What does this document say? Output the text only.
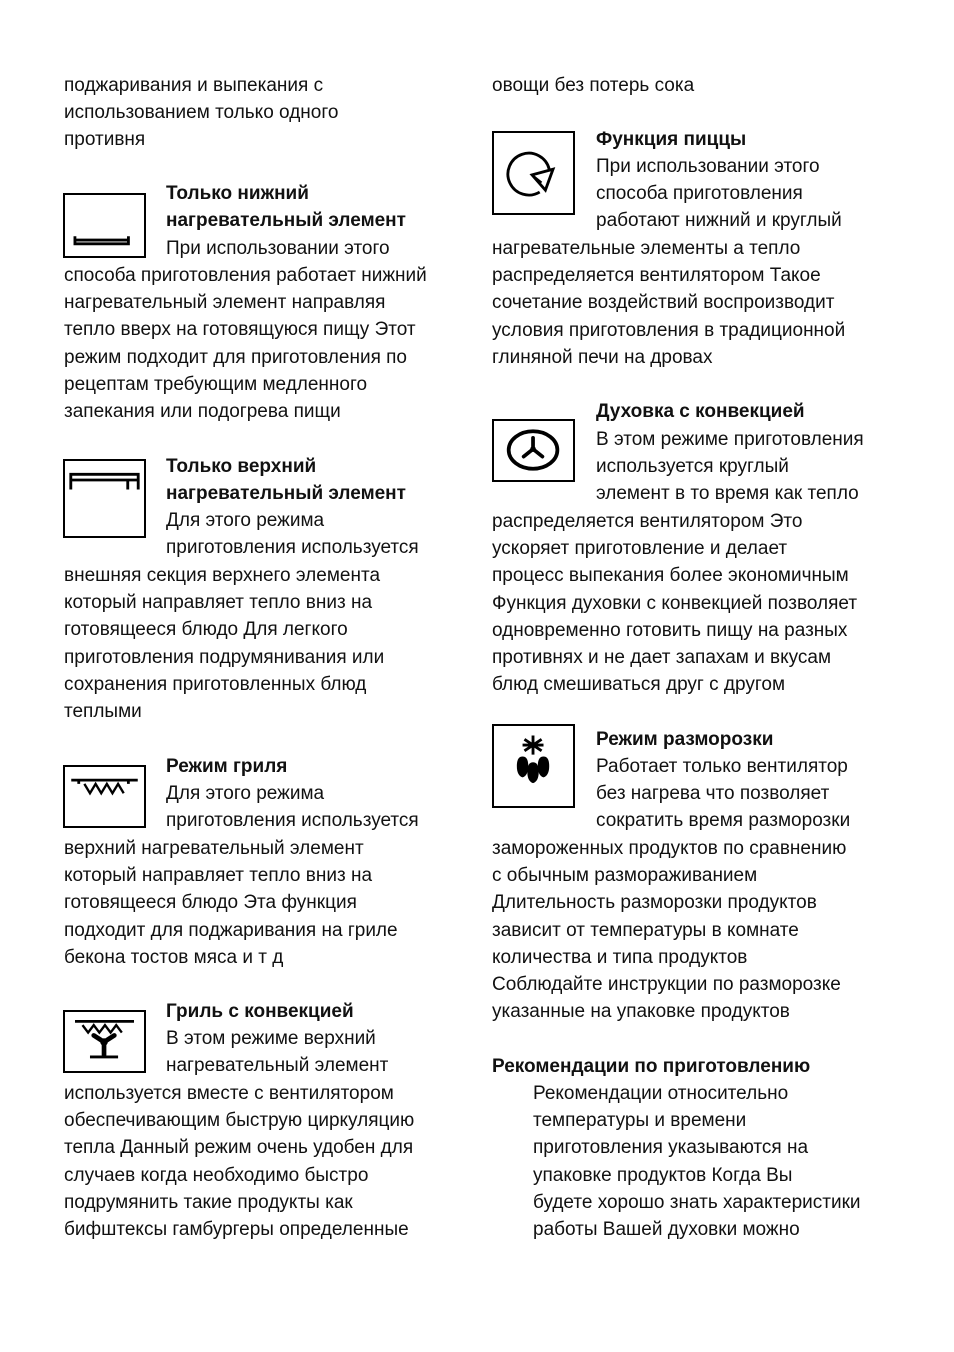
поджаривания и выпекания с
использованием только одного
противня
Только нижний
нагревательный элемент
При использовании этого
способа приготовления работает нижний
нагревательный элемент направляя
тепло вверх на готовящуюся пищу Этот
режим подходит для приготовления по
рецептам требующим медленного
запекания или подогрева пищи
Только верхний
нагревательный элемент
Для этого режима
приготовления используется
внешняя секция верхнего элемента
который направляет тепло вниз на
готовящееся блюдо Для легкого
приготовления подрумянивания или
сохранения приготовленных блюд
теплыми
Режим гриля
Для этого режима
приготовления используется
верхний нагревательный элемент
который направляет тепло вниз на
готовящееся блюдо Эта функция
подходит для поджаривания на гриле
бекона тостов мяса и т д
Гриль с конвекцией
В этом режиме верхний
нагревательный элемент
используется вместе с вентилятором
обеспечивающим быструю циркуляцию
тепла Данный режим очень удобен для
случаев когда необходимо быстро
подрумянить такие продукты как
бифштексы гамбургеры определенные
овощи без потерь сока
Функция пиццы
При использовании этого
способа приготовления
работают нижний и круглый
нагревательные элементы а тепло
распределяется вентилятором Такое
сочетание воздействий воспроизводит
условия приготовления в традиционной
глиняной печи на дровах
Духовка с конвекцией
В этом режиме приготовления
используется круглый
элемент в то время как тепло
распределяется вентилятором Это
ускоряет приготовление и делает
процесс выпекания более экономичным
Функция духовки с конвекцией позволяет
одновременно готовить пищу на разных
противнях и не дает запахам и вкусам
блюд смешиваться друг с другом
Режим разморозки
Работает только вентилятор
без нагрева что позволяет
сократить время разморозки
замороженных продуктов по сравнению
с обычным размораживанием
Длительность разморозки продуктов
зависит от температуры в комнате
количества и типа продуктов
Соблюдайте инструкции по разморозке
указанные на упаковке продуктов
Рекомендации по приготовлению
Рекомендации относительно
температуры и времени
приготовления указываются на
упаковке продуктов Когда Вы
будете хорошо знать характеристики
работы Вашей духовки можно
